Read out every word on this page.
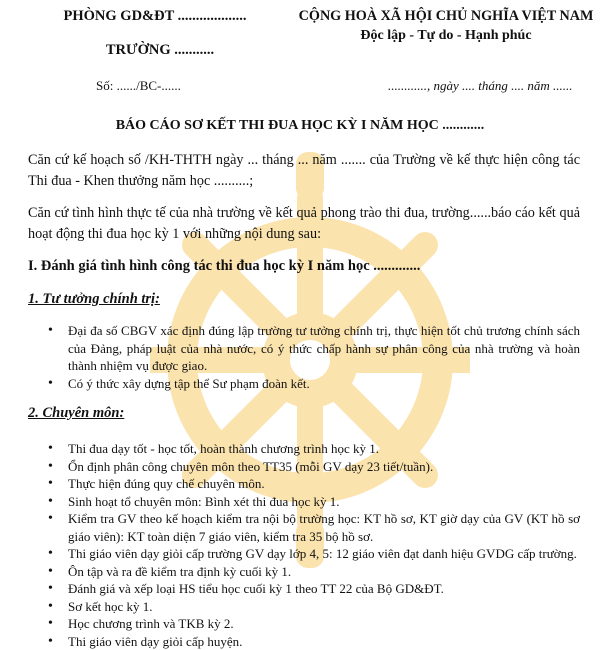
PHÒNG GD&ĐT ...................
TRƯỜNG ...........
CỘNG HOÀ XÃ HỘI CHỦ NGHĨA VIỆT NAM
Độc lập - Tự do - Hạnh phúc
Số: ....../BC-......	............, ngày .... tháng .... năm ......
BÁO CÁO SƠ KẾT THI ĐUA HỌC KỲ I NĂM HỌC ............
Căn cứ kế hoạch số /KH-THTH ngày ... tháng ... năm ....... của Trường về kế thực hiện công tác Thi đua - Khen thưởng năm học ..........;
Căn cứ tình hình thực tế của nhà trường về kết quả phong trào thi đua, trường......báo cáo kết quả hoạt động thi đua học kỳ 1 với những nội dung sau:
I. Đánh giá tình hình công tác thi đua học kỳ I năm học .............
1. Tư tưởng chính trị:
• Đại đa số CBGV xác định đúng lập trường tư tưởng chính trị, thực hiện tốt chủ trương chính sách của Đảng, pháp luật của nhà nước, có ý thức chấp hành sự phân công của nhà trường và hoàn thành nhiệm vụ được giao.
• Có ý thức xây dựng tập thể Sư phạm đoàn kết.
2. Chuyên môn:
• Thi đua dạy tốt - học tốt, hoàn thành chương trình học kỳ 1.
• Ổn định phân công chuyên môn theo TT35 (mỗi GV dạy 23 tiết/tuần).
• Thực hiện đúng quy chế chuyên môn.
• Sinh hoạt tổ chuyên môn: Bình xét thi đua học kỳ 1.
• Kiểm tra GV theo kế hoạch kiểm tra nội bộ trường học: KT hồ sơ, KT giờ dạy của GV (KT hồ sơ giáo viên): KT toàn diện 7 giáo viên, kiểm tra 35 bộ hồ sơ.
• Thi giáo viên dạy giỏi cấp trường GV dạy lớp 4, 5: 12 giáo viên đạt danh hiệu GVDG cấp trường.
• Ôn tập và ra đề kiểm tra định kỳ cuối kỳ 1.
• Đánh giá và xếp loại HS tiểu học cuối kỳ 1 theo TT 22 của Bộ GD&ĐT.
• Sơ kết học kỳ 1.
• Học chương trình và TKB kỳ 2.
• Thi giáo viên dạy giỏi cấp huyện.
